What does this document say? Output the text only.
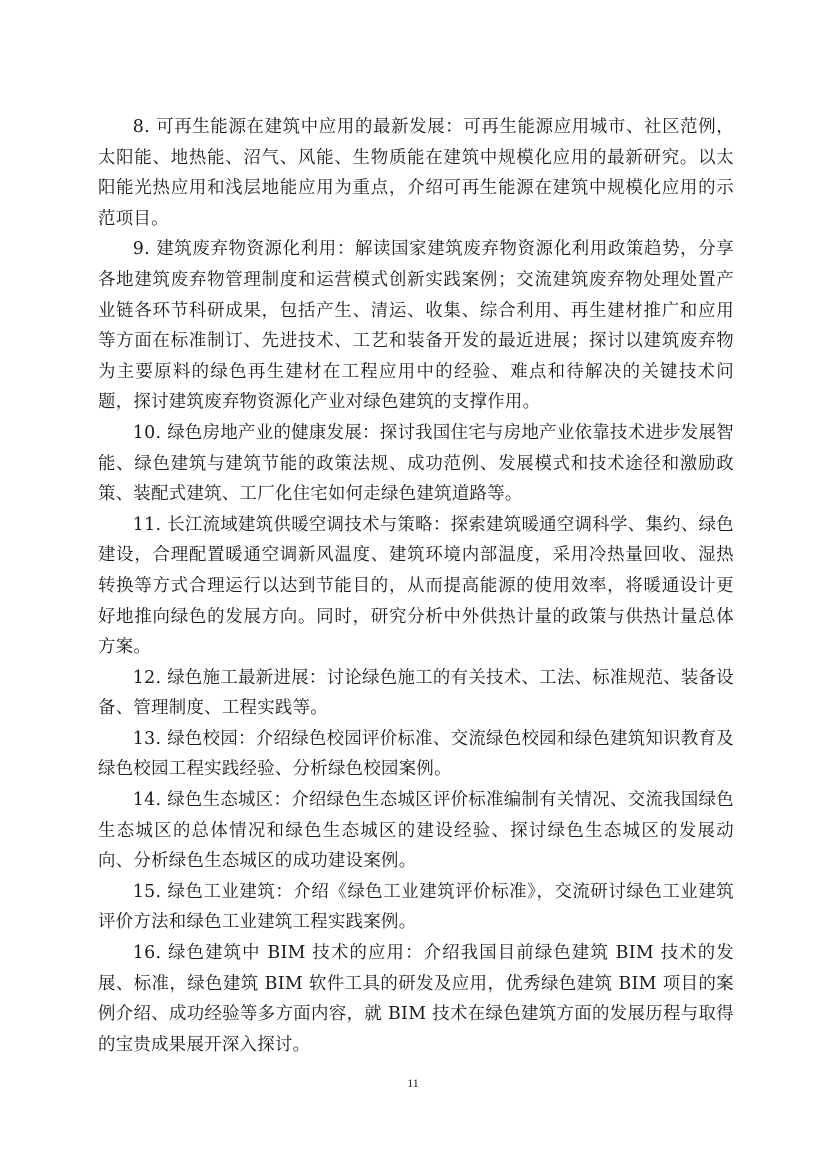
8. 可再生能源在建筑中应用的最新发展：可再生能源应用城市、社区范例，太阳能、地热能、沼气、风能、生物质能在建筑中规模化应用的最新研究。以太阳能光热应用和浅层地能应用为重点，介绍可再生能源在建筑中规模化应用的示范项目。

9. 建筑废弃物资源化利用：解读国家建筑废弃物资源化利用政策趋势，分享各地建筑废弃物管理制度和运营模式创新实践案例；交流建筑废弃物处理处置产业链各环节科研成果，包括产生、清运、收集、综合利用、再生建材推广和应用等方面在标准制订、先进技术、工艺和装备开发的最近进展；探讨以建筑废弃物为主要原料的绿色再生建材在工程应用中的经验、难点和待解决的关键技术问题，探讨建筑废弃物资源化产业对绿色建筑的支撑作用。

10. 绿色房地产业的健康发展：探讨我国住宅与房地产业依靠技术进步发展智能、绿色建筑与建筑节能的政策法规、成功范例、发展模式和技术途径和激励政策、装配式建筑、工厂化住宅如何走绿色建筑道路等。

11. 长江流域建筑供暖空调技术与策略：探索建筑暖通空调科学、集约、绿色建设，合理配置暖通空调新风温度、建筑环境内部温度，采用冷热量回收、湿热转换等方式合理运行以达到节能目的，从而提高能源的使用效率，将暖通设计更好地推向绿色的发展方向。同时，研究分析中外供热计量的政策与供热计量总体方案。

12. 绿色施工最新进展：讨论绿色施工的有关技术、工法、标准规范、装备设备、管理制度、工程实践等。

13. 绿色校园：介绍绿色校园评价标准、交流绿色校园和绿色建筑知识教育及绿色校园工程实践经验、分析绿色校园案例。

14. 绿色生态城区：介绍绿色生态城区评价标准编制有关情况、交流我国绿色生态城区的总体情况和绿色生态城区的建设经验、探讨绿色生态城区的发展动向、分析绿色生态城区的成功建设案例。

15. 绿色工业建筑：介绍《绿色工业建筑评价标准》，交流研讨绿色工业建筑评价方法和绿色工业建筑工程实践案例。

16. 绿色建筑中 BIM 技术的应用：介绍我国目前绿色建筑 BIM 技术的发展、标准，绿色建筑 BIM 软件工具的研发及应用，优秀绿色建筑 BIM 项目的案例介绍、成功经验等多方面内容，就 BIM 技术在绿色建筑方面的发展历程与取得的宝贵成果展开深入探讨。

11
